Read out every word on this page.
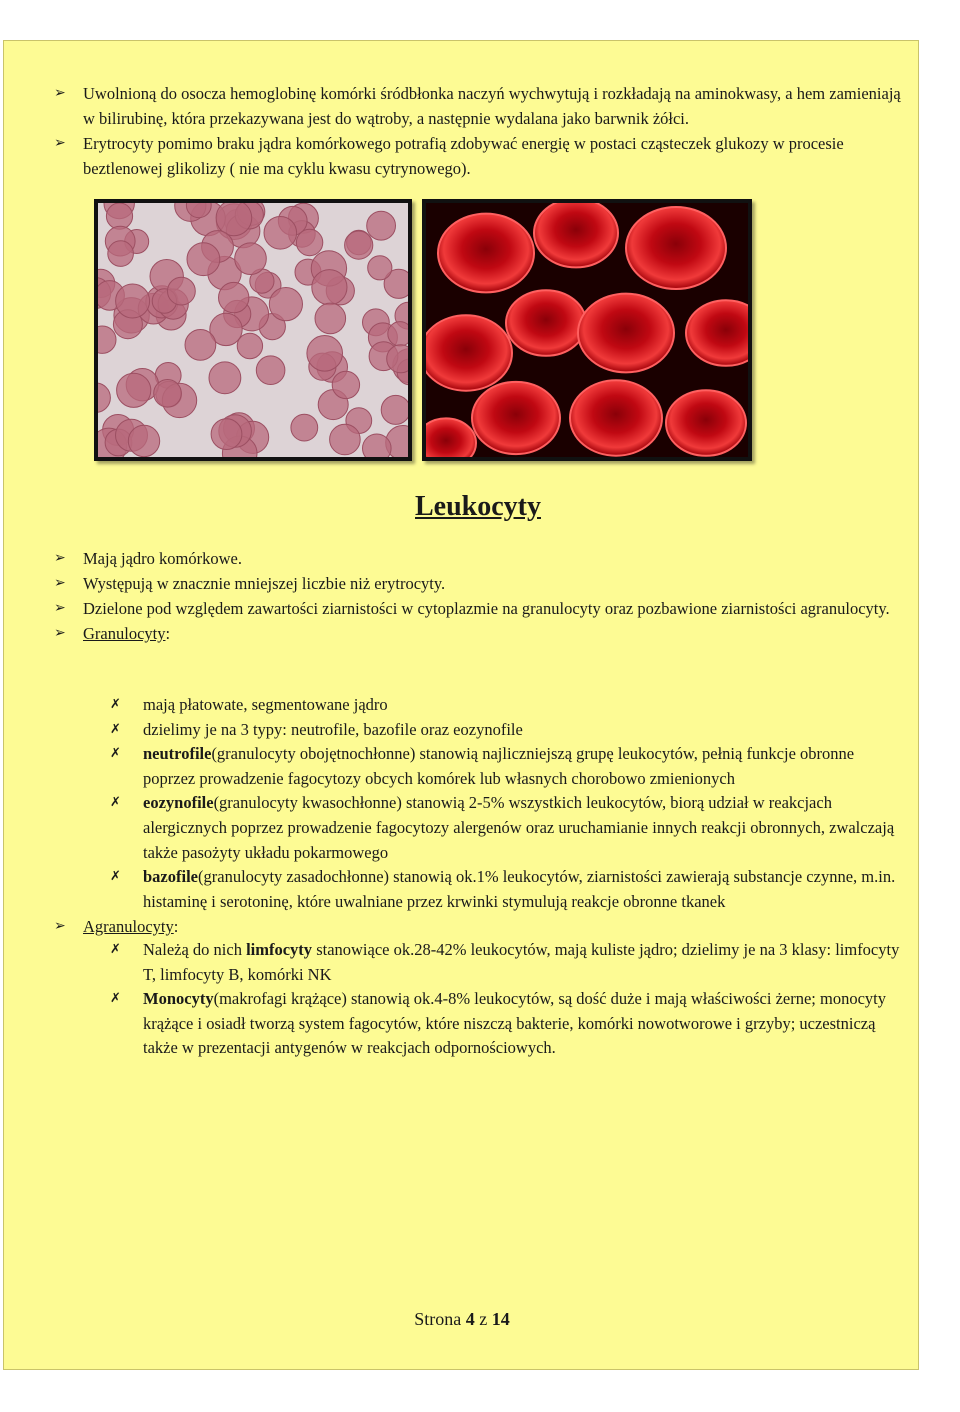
➢ Uwolnioną do osocza hemoglobinę komórki śródbłonka naczyń wychwytują i rozkładają na aminokwasy, a hem zamieniają w bilirubinę, która przekazywana jest do wątroby, a następnie wydalana jako barwnik żółci.
➢ Erytrocyty pomimo braku jądra komórkowego potrafią zdobywać energię w postaci cząsteczek glukozy w procesie beztlenowej glikolizy ( nie ma cyklu kwasu cytrynowego).
Leukocyty
➢ Mają jądro komórkowe.
➢ Występują w znacznie mniejszej liczbie niż erytrocyty.
➢ Dzielone pod względem zawartości ziarnistości w cytoplazmie na granulocyty oraz pozbawione ziarnistości agranulocyty.
➢ Granulocyty:
✗ mają płatowate, segmentowane jądro
✗ dzielimy je na 3 typy: neutrofile, bazofile oraz eozynofile
✗ neutrofile(granulocyty obojętnochłonne) stanowią najliczniejszą grupę leukocytów, pełnią funkcje obronne poprzez prowadzenie fagocytozy obcych komórek lub własnych chorobowo zmienionych
✗ eozynofile(granulocyty kwasochłonne) stanowią 2-5% wszystkich leukocytów, biorą udział w reakcjach alergicznych poprzez prowadzenie fagocytozy alergenów oraz uruchamianie innych reakcji obronnych, zwalczają także pasożyty układu pokarmowego
✗ bazofile(granulocyty zasadochłonne) stanowią ok.1% leukocytów, ziarnistości zawierają substancje czynne, m.in. histaminę i serotoninę, które uwalniane przez krwinki stymulują reakcje obronne tkanek
➢ Agranulocyty:
✗ Należą do nich limfocyty stanowiące ok.28-42% leukocytów, mają kuliste jądro; dzielimy je na 3 klasy: limfocyty T, limfocyty B, komórki NK
✗ Monocyty(makrofagi krążące) stanowią ok.4-8% leukocytów, są dość duże i mają właściwości żerne; monocyty krążące i osiadł tworzą system fagocytów, które niszczą bakterie, komórki nowotworowe i grzyby; uczestniczą także w prezentacji antygenów w reakcjach odpornościowych.
Strona 4 z 14
